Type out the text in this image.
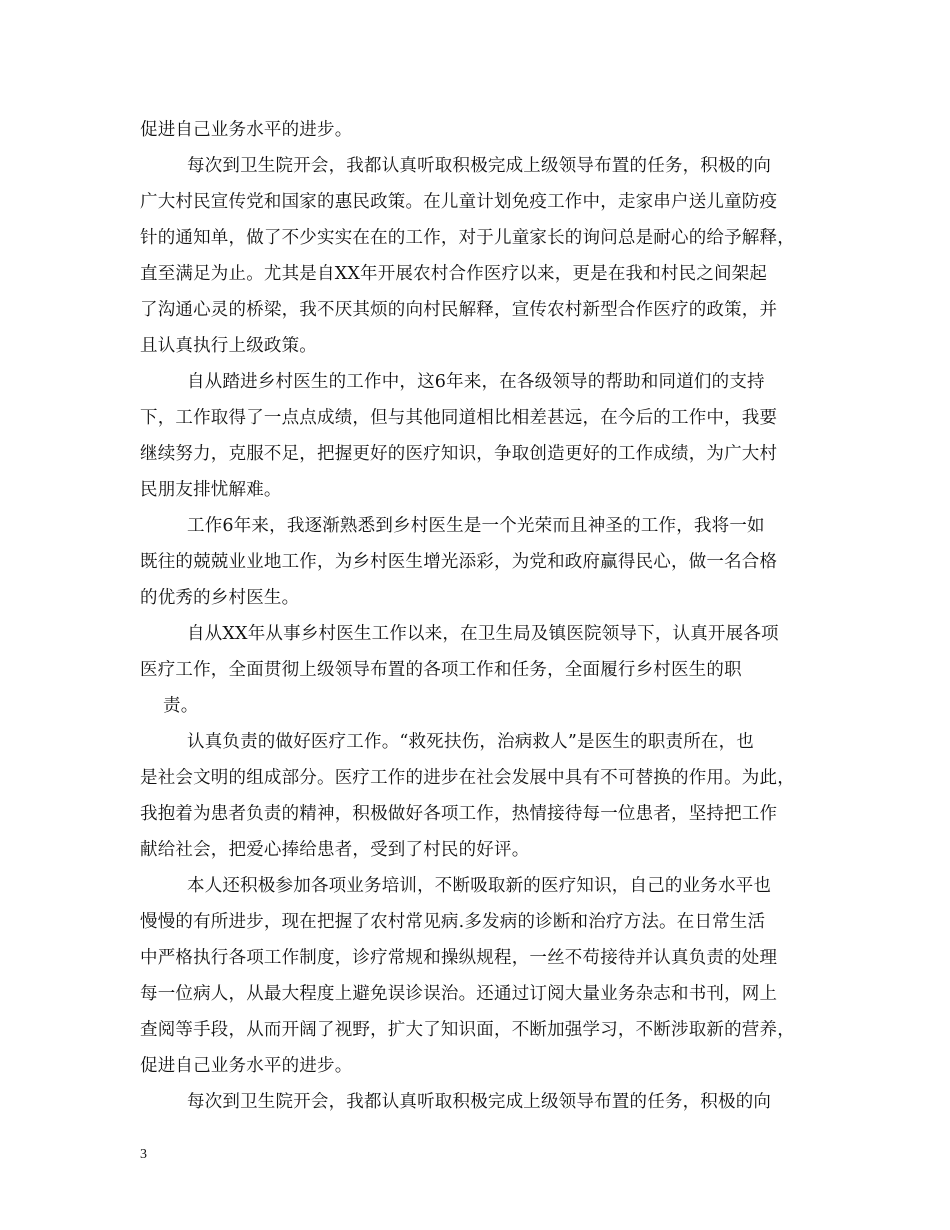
促进自己业务水平的进步。
每次到卫生院开会，我都认真听取积极完成上级领导布置的任务，积极的向
广大村民宣传党和国家的惠民政策。在儿童计划免疫工作中，走家串户送儿童防疫
针的通知单，做了不少实实在在的工作，对于儿童家长的询问总是耐心的给予解释，
直至满足为止。尤其是自XX年开展农村合作医疗以来，更是在我和村民之间架起
了沟通心灵的桥梁，我不厌其烦的向村民解释，宣传农村新型合作医疗的政策，并
且认真执行上级政策。
自从踏进乡村医生的工作中，这6年来，在各级领导的帮助和同道们的支持
下，工作取得了一点点成绩，但与其他同道相比相差甚远，在今后的工作中，我要
继续努力，克服不足，把握更好的医疗知识，争取创造更好的工作成绩，为广大村
民朋友排忧解难。
工作6年来，我逐渐熟悉到乡村医生是一个光荣而且神圣的工作，我将一如
既往的兢兢业业地工作，为乡村医生增光添彩，为党和政府赢得民心，做一名合格
的优秀的乡村医生。
自从XX年从事乡村医生工作以来，在卫生局及镇医院领导下，认真开展各项
医疗工作，全面贯彻上级领导布置的各项工作和任务，全面履行乡村医生的职
责。
认真负责的做好医疗工作。“救死扶伤，治病救人”是医生的职责所在，也
是社会文明的组成部分。医疗工作的进步在社会发展中具有不可替换的作用。为此，
我抱着为患者负责的精神，积极做好各项工作，热情接待每一位患者，坚持把工作
献给社会，把爱心捧给患者，受到了村民的好评。
本人还积极参加各项业务培训，不断吸取新的医疗知识，自己的业务水平也
慢慢的有所进步，现在把握了农村常见病.多发病的诊断和治疗方法。在日常生活
中严格执行各项工作制度，诊疗常规和操纵规程，一丝不苟接待并认真负责的处理
每一位病人，从最大程度上避免误诊误治。还通过订阅大量业务杂志和书刊，网上
查阅等手段，从而开阔了视野，扩大了知识面，不断加强学习，不断涉取新的营养，
促进自己业务水平的进步。
每次到卫生院开会，我都认真听取积极完成上级领导布置的任务，积极的向
3
